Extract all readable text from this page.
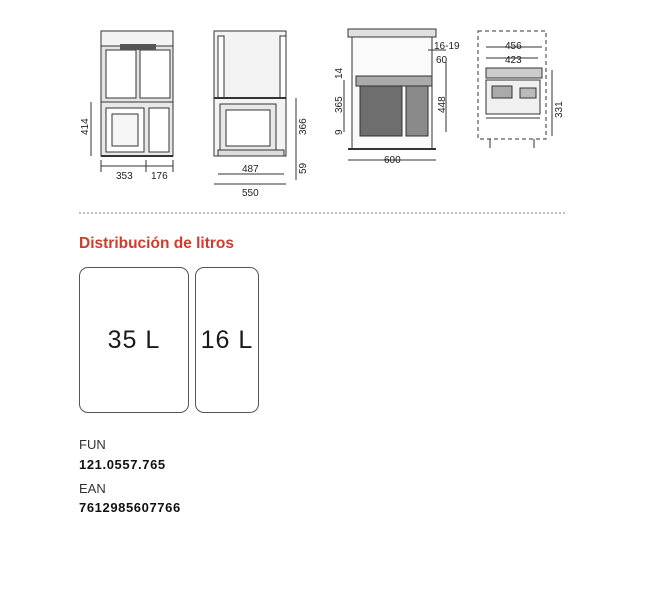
414
353 176
366
59
487
550
16-19
60
14
365	448
9
600
456
423
331
Distribución de litros
35 L 16 L
FUN
121.0557.765
EAN
7612985607766
